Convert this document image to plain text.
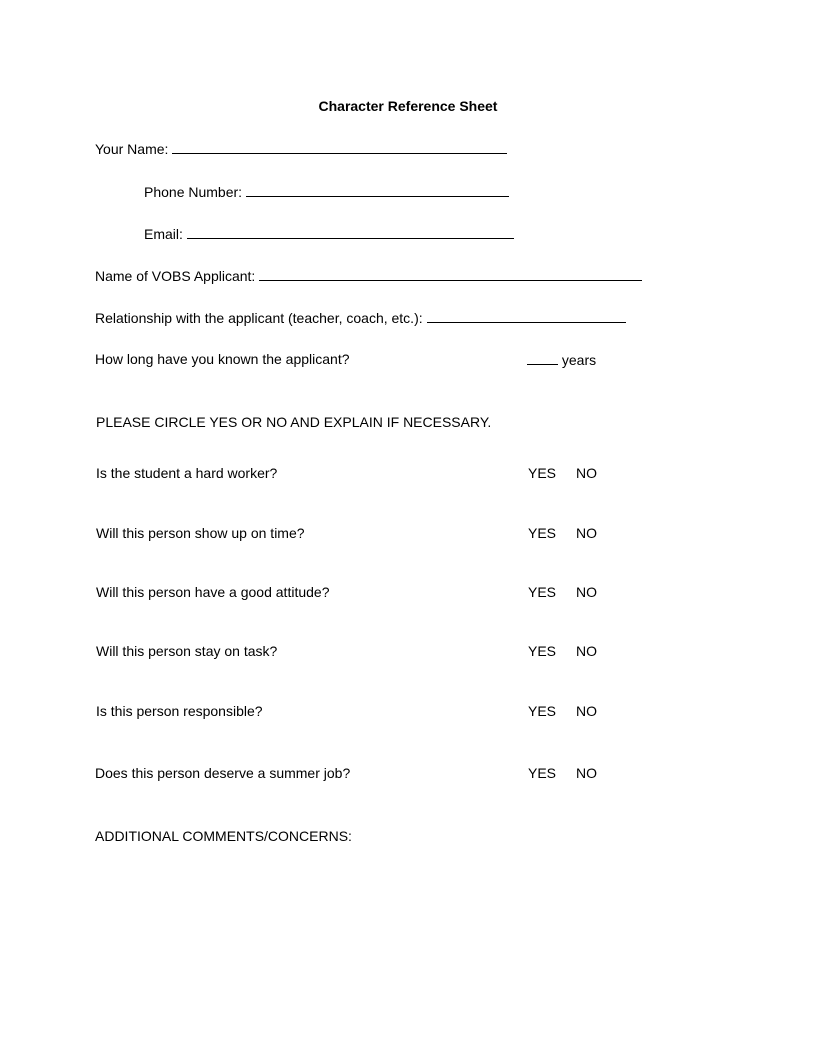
Character Reference Sheet
Your Name:
Phone Number:
Email:
Name of VOBS Applicant:
Relationship with the applicant (teacher, coach, etc.):
How long have you known the applicant?	years
PLEASE CIRCLE YES OR NO AND EXPLAIN IF NECESSARY.
Is the student a hard worker?	YES NO
Will this person show up on time?	YES NO
Will this person have a good attitude?	YES NO
Will this person stay on task?	YES NO
Is this person responsible?	YES NO
Does this person deserve a summer job?	YES NO
ADDITIONAL COMMENTS/CONCERNS:
